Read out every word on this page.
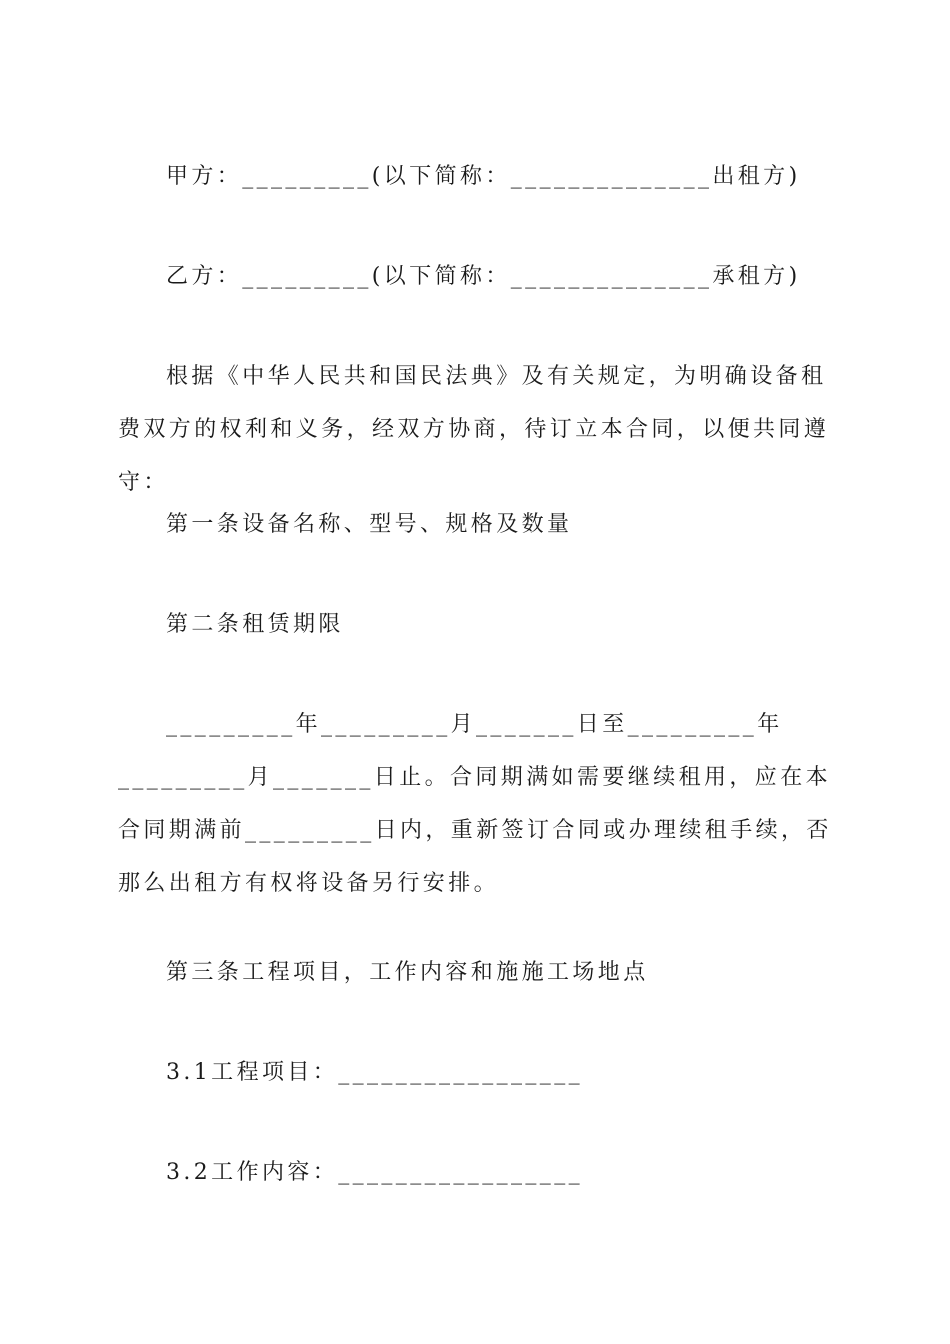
甲方：_________(以下简称：______________出租方)

乙方：_________(以下简称：______________承租方)

根据《中华人民共和国民法典》及有关规定，为明确设备租费双方的权利和义务，经双方协商，待订立本合同，以便共同遵守：

第一条设备名称、型号、规格及数量

第二条租赁期限

_________年_________月_______日至_________年_________月_______日止。合同期满如需要继续租用，应在本合同期满前_________日内，重新签订合同或办理续租手续，否那么出租方有权将设备另行安排。

第三条工程项目，工作内容和施施工场地点

3.1工程项目：_________________

3.2工作内容：_________________
